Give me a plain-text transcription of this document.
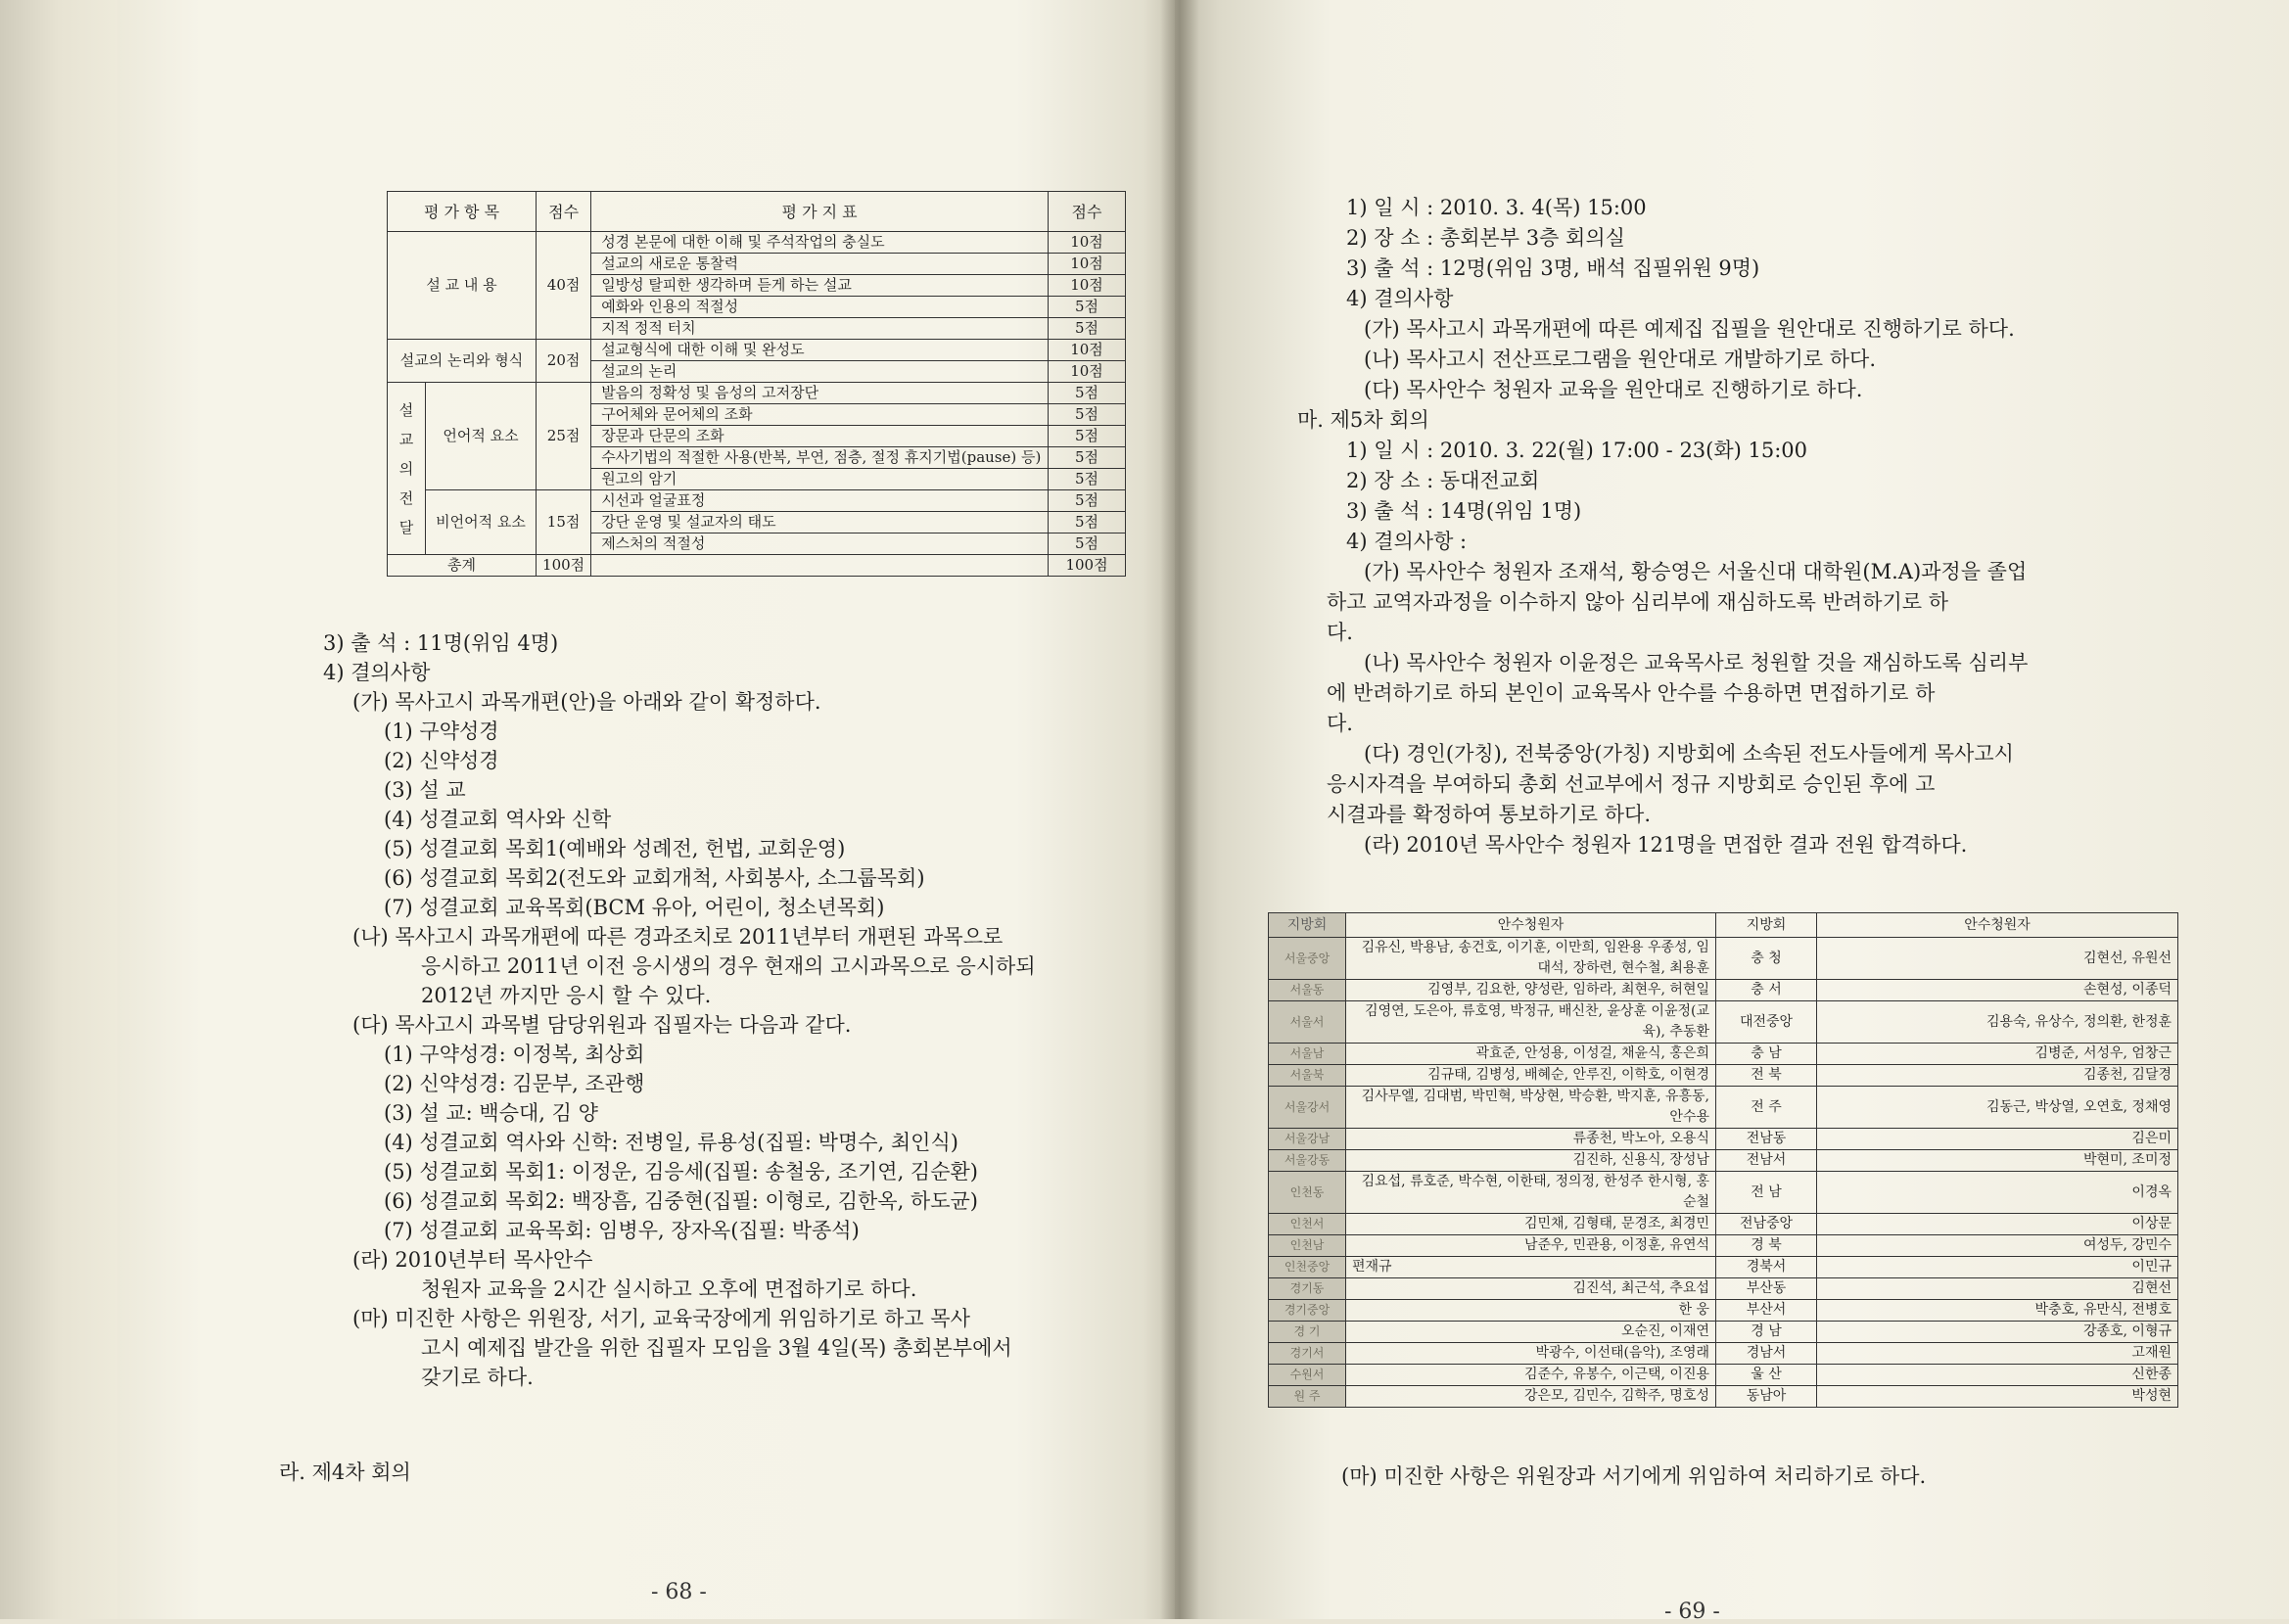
평 가 항 목		점수	평 가 지 표	점수
설 교 내 용		40점	성경 본문에 대한 이해 및 주석작업의 충실도	10점
			설교의 새로운 통찰력	10점
			일방성 탈피한 생각하며 듣게 하는 설교	10점
			예화와 인용의 적절성	5점
			지적 정적 터치	5점
설교의 논리와 형식		20점	설교형식에 대한 이해 및 완성도	10점
			설교의 논리	10점
설 교 의 전 달	언어적 요소	25점	발음의 정확성 및 음성의 고저장단	5점
			구어체와 문어체의 조화	5점
			장문과 단문의 조화	5점
			수사기법의 적절한 사용(반복, 부연, 점층, 절정 휴지기법(pause) 등)	5점
			원고의 암기	5점
	비언어적 요소	15점	시선과 얼굴표정	5점
			강단 운영 및 설교자의 태도	5점
			제스처의 적절성	5점
총계		100점		100점
3) 출 석 : 11명(위임 4명)
4) 결의사항
(가) 목사고시 과목개편(안)을 아래와 같이 확정하다.
(1) 구약성경
(2) 신약성경
(3) 설 교
(4) 성결교회 역사와 신학
(5) 성결교회 목회1(예배와 성례전, 헌법, 교회운영)
(6) 성결교회 목회2(전도와 교회개척, 사회봉사, 소그룹목회)
(7) 성결교회 교육목회(BCM 유아, 어린이, 청소년목회)
(나) 목사고시 과목개편에 따른 경과조치로 2011년부터 개편된 과목으로
응시하고 2011년 이전 응시생의 경우 현재의 고시과목으로 응시하되
2012년 까지만 응시 할 수 있다.
(다) 목사고시 과목별 담당위원과 집필자는 다음과 같다.
(1) 구약성경: 이정복, 최상회
(2) 신약성경: 김문부, 조관행
(3) 설 교: 백승대, 김 양
(4) 성결교회 역사와 신학: 전병일, 류용성(집필: 박명수, 최인식)
(5) 성결교회 목회1: 이정운, 김응세(집필: 송철웅, 조기연, 김순환)
(6) 성결교회 목회2: 백장흠, 김중현(집필: 이형로, 김한옥, 하도균)
(7) 성결교회 교육목회: 임병우, 장자옥(집필: 박종석)
(라) 2010년부터 목사안수
청원자 교육을 2시간 실시하고 오후에 면접하기로 하다.
(마) 미진한 사항은 위원장, 서기, 교육국장에게 위임하기로 하고 목사
고시 예제집 발간을 위한 집필자 모임을 3월 4일(목) 총회본부에서
갖기로 하다.
라. 제4차 회의
- 68 -
1) 일 시 : 2010. 3. 4(목) 15:00
2) 장 소 : 총회본부 3층 회의실
3) 출 석 : 12명(위임 3명, 배석 집필위원 9명)
4) 결의사항
(가) 목사고시 과목개편에 따른 예제집 집필을 원안대로 진행하기로 하다.
(나) 목사고시 전산프로그램을 원안대로 개발하기로 하다.
(다) 목사안수 청원자 교육을 원안대로 진행하기로 하다.
마. 제5차 회의
1) 일 시 : 2010. 3. 22(월) 17:00 - 23(화) 15:00
2) 장 소 : 동대전교회
3) 출 석 : 14명(위임 1명)
4) 결의사항 :
(가) 목사안수 청원자 조재석, 황승영은 서울신대 대학원(M.A)과정을 졸업
하고 교역자과정을 이수하지 않아 심리부에 재심하도록 반려하기로 하
다.
(나) 목사안수 청원자 이윤정은 교육목사로 청원할 것을 재심하도록 심리부
에 반려하기로 하되 본인이 교육목사 안수를 수용하면 면접하기로 하
다.
(다) 경인(가칭), 전북중앙(가칭) 지방회에 소속된 전도사들에게 목사고시
응시자격을 부여하되 총회 선교부에서 정규 지방회로 승인된 후에 고
시결과를 확정하여 통보하기로 하다.
(라) 2010년 목사안수 청원자 121명을 면접한 결과 전원 합격하다.
지방회	안수청원자	지방회	안수청원자
서울중앙	김유신, 박용남, 송건호, 이기훈, 이만희, 임완용 우종성, 임대석, 장하련, 현수철, 최용훈	충 청	김현선, 유원선
서울동	김영부, 김요한, 양성란, 임하라, 최현우, 허현일	충 서	손현성, 이종덕
서울서	김영연, 도은아, 류호영, 박정규, 배신찬, 윤상훈 이윤정(교육), 추동환	대전중앙	김용숙, 유상수, 정의환, 한정훈
서울남	곽효준, 안성용, 이성걸, 채윤식, 홍은희	충 남	김병준, 서성우, 엄창근
서울북	김규태, 김병성, 배혜순, 안루진, 이학호, 이현경	전 북	김종천, 김달경
서울강서	김사무엘, 김대범, 박민혁, 박상현, 박승환, 박지훈, 유흥동, 안수용	전 주	김동근, 박상열, 오연호, 정채영
서울강남	류종천, 박노아, 오용식	전남동	김은미
서울강동	김진하, 신용식, 장성남	전남서	박현미, 조미정
인천동	김요섭, 류호준, 박수현, 이한태, 정의정, 한성주 한시형, 홍순철	전 남	이경옥
인천서	김민채, 김형태, 문경조, 최경민	전남중앙	이상문
인천남	남준우, 민관용, 이정훈, 유연석	경 북	여성두, 강민수
인천중앙	편재규	경북서	이민규
경기동	김진석, 최근석, 추요섭	부산동	김현선
경기중앙	한 웅	부산서	박충호, 유만식, 전병호
경 기	오순진, 이재연	경 남	강종호, 이형규
경기서	박광수, 이선태(음악), 조영래	경남서	고재원
수원서	김준수, 유봉수, 이근택, 이진용	울 산	신한종
원 주	강은모, 김민수, 김학주, 명호성	동남아	박성현
(마) 미진한 사항은 위원장과 서기에게 위임하여 처리하기로 하다.
- 69 -
